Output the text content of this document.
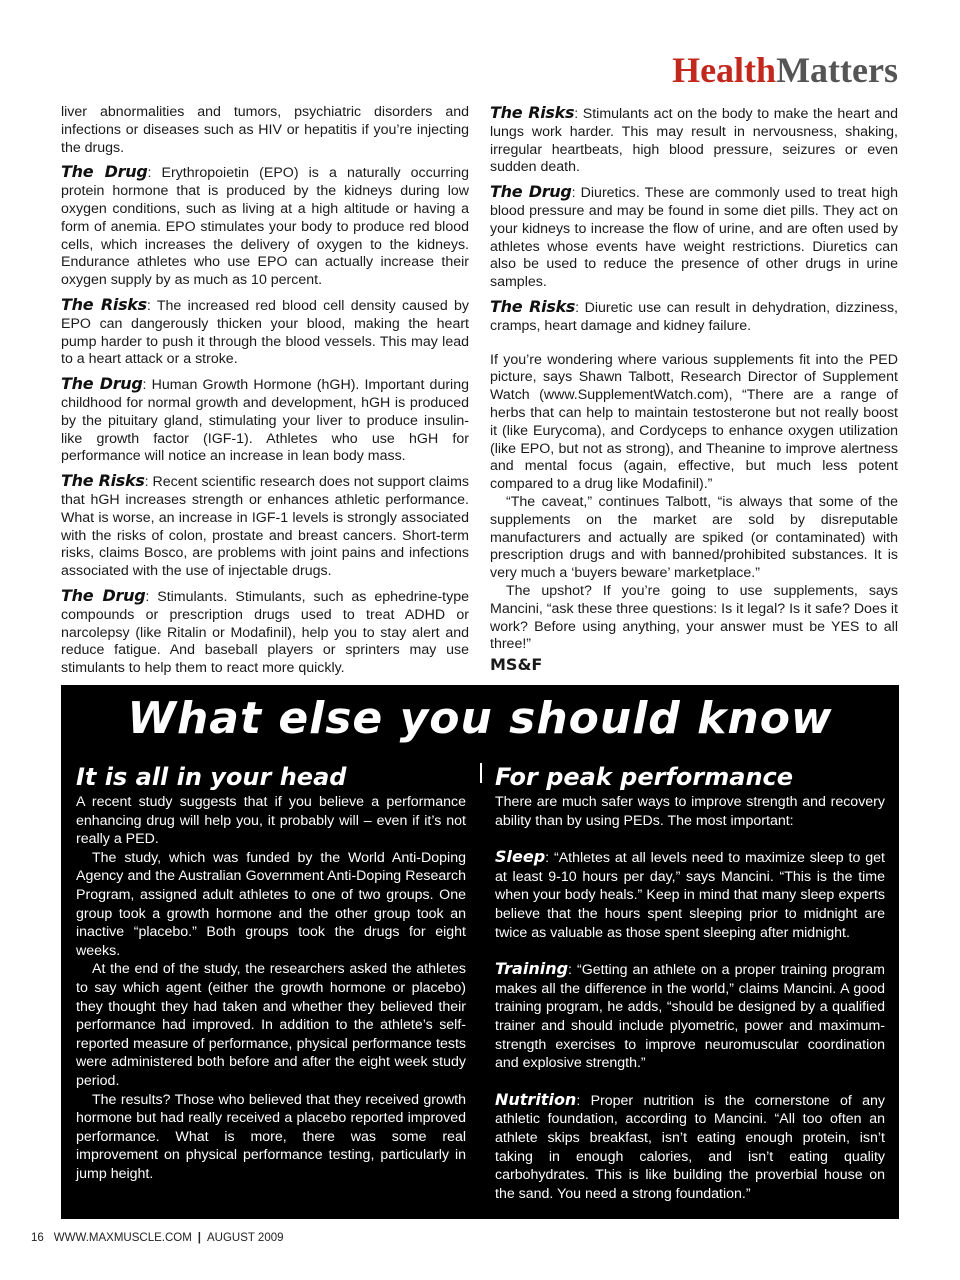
HealthMatters

liver abnormalities and tumors, psychiatric disorders and infections or diseases such as HIV or hepatitis if you’re injecting the drugs.

The Drug: Erythropoietin (EPO) is a naturally occurring protein hormone that is produced by the kidneys during low oxygen conditions, such as living at a high altitude or having a form of anemia. EPO stimulates your body to produce red blood cells, which increases the delivery of oxygen to the kidneys. Endurance athletes who use EPO can actually increase their oxygen supply by as much as 10 percent.

The Risks: The increased red blood cell density caused by EPO can dangerously thicken your blood, making the heart pump harder to push it through the blood vessels. This may lead to a heart attack or a stroke.

The Drug: Human Growth Hormone (hGH). Important during childhood for normal growth and development, hGH is produced by the pituitary gland, stimulating your liver to produce insulin-like growth factor (IGF-1). Athletes who use hGH for performance will notice an increase in lean body mass.

The Risks: Recent scientific research does not support claims that hGH increases strength or enhances athletic performance. What is worse, an increase in IGF-1 levels is strongly associated with the risks of colon, prostate and breast cancers. Short-term risks, claims Bosco, are problems with joint pains and infections associated with the use of injectable drugs.

The Drug: Stimulants. Stimulants, such as ephedrine-type compounds or prescription drugs used to treat ADHD or narcolepsy (like Ritalin or Modafinil), help you to stay alert and reduce fatigue. And baseball players or sprinters may use stimulants to help them to react more quickly.

The Risks: Stimulants act on the body to make the heart and lungs work harder. This may result in nervousness, shaking, irregular heartbeats, high blood pressure, seizures or even sudden death.

The Drug: Diuretics. These are commonly used to treat high blood pressure and may be found in some diet pills. They act on your kidneys to increase the flow of urine, and are often used by athletes whose events have weight restrictions. Diuretics can also be used to reduce the presence of other drugs in urine samples.

The Risks: Diuretic use can result in dehydration, dizziness, cramps, heart damage and kidney failure.

If you’re wondering where various supplements fit into the PED picture, says Shawn Talbott, Research Director of Supplement Watch (www.SupplementWatch.com), “There are a range of herbs that can help to maintain testosterone but not really boost it (like Eurycoma), and Cordyceps to enhance oxygen utilization (like EPO, but not as strong), and Theanine to improve alertness and mental focus (again, effective, but much less potent compared to a drug like Modafinil).”

“The caveat,” continues Talbott, “is always that some of the supplements on the market are sold by disreputable manufacturers and actually are spiked (or contaminated) with prescription drugs and with banned/prohibited substances. It is very much a ‘buyers beware’ marketplace.”

The upshot? If you’re going to use supplements, says Mancini, “ask these three questions: Is it legal? Is it safe? Does it work? Before using anything, your answer must be YES to all three!”

MS&F
What else you should know
It is all in your head

A recent study suggests that if you believe a performance enhancing drug will help you, it probably will – even if it’s not really a PED.

The study, which was funded by the World Anti-Doping Agency and the Australian Government Anti-Doping Research Program, assigned adult athletes to one of two groups. One group took a growth hormone and the other group took an inactive “placebo.” Both groups took the drugs for eight weeks.

At the end of the study, the researchers asked the athletes to say which agent (either the growth hormone or placebo) they thought they had taken and whether they believed their performance had improved. In addition to the athlete’s self-reported measure of performance, physical performance tests were administered both before and after the eight week study period.

The results? Those who believed that they received growth hormone but had really received a placebo reported improved performance. What is more, there was some real improvement on physical performance testing, particularly in jump height.

For peak performance

There are much safer ways to improve strength and recovery ability than by using PEDs. The most important:

Sleep: “Athletes at all levels need to maximize sleep to get at least 9-10 hours per day,” says Mancini. “This is the time when your body heals.” Keep in mind that many sleep experts believe that the hours spent sleeping prior to midnight are twice as valuable as those spent sleeping after midnight.

Training: “Getting an athlete on a proper training program makes all the difference in the world,” claims Mancini. A good training program, he adds, “should be designed by a qualified trainer and should include plyometric, power and maximum-strength exercises to improve neuromuscular coordination and explosive strength.”

Nutrition: Proper nutrition is the cornerstone of any athletic foundation, according to Mancini. “All too often an athlete skips breakfast, isn’t eating enough protein, isn’t taking in enough calories, and isn’t eating quality carbohydrates. This is like building the proverbial house on the sand. You need a strong foundation.”

16 WWW.MAXMUSCLE.COM | AUGUST 2009
